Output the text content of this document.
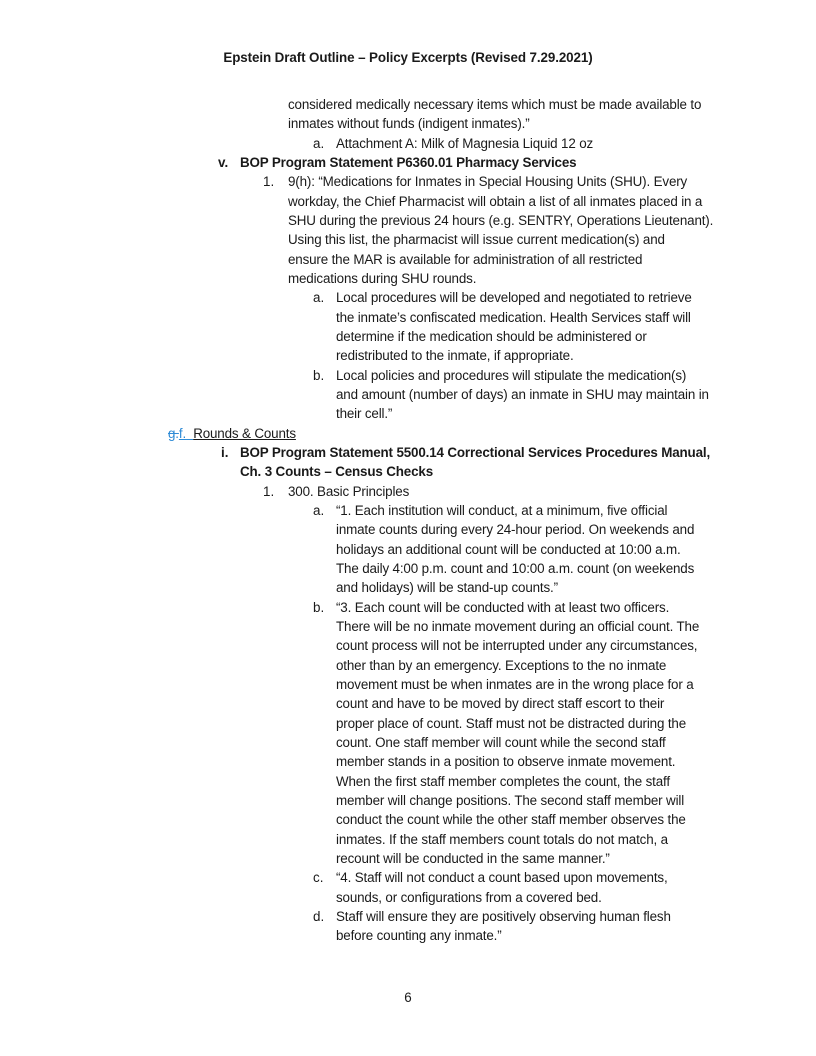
Epstein Draft Outline – Policy Excerpts (Revised 7.29.2021)
considered medically necessary items which must be made available to
inmates without funds (indigent inmates).”
a. Attachment A: Milk of Magnesia Liquid 12 oz
v. BOP Program Statement P6360.01 Pharmacy Services
1. 9(h): “Medications for Inmates in Special Housing Units (SHU). Every
workday, the Chief Pharmacist will obtain a list of all inmates placed in a
SHU during the previous 24 hours (e.g. SENTRY, Operations Lieutenant).
Using this list, the pharmacist will issue current medication(s) and
ensure the MAR is available for administration of all restricted
medications during SHU rounds.
a. Local procedures will be developed and negotiated to retrieve
the inmate’s confiscated medication. Health Services staff will
determine if the medication should be administered or
redistributed to the inmate, if appropriate.
b. Local policies and procedures will stipulate the medication(s)
and amount (number of days) an inmate in SHU may maintain in
their cell.”
g.f. Rounds & Counts
i. BOP Program Statement 5500.14 Correctional Services Procedures Manual,
Ch. 3 Counts – Census Checks
1. 300. Basic Principles
a. “1. Each institution will conduct, at a minimum, five official
inmate counts during every 24-hour period. On weekends and
holidays an additional count will be conducted at 10:00 a.m.
The daily 4:00 p.m. count and 10:00 a.m. count (on weekends
and holidays) will be stand-up counts.”
b. “3. Each count will be conducted with at least two officers.
There will be no inmate movement during an official count. The
count process will not be interrupted under any circumstances,
other than by an emergency. Exceptions to the no inmate
movement must be when inmates are in the wrong place for a
count and have to be moved by direct staff escort to their
proper place of count. Staff must not be distracted during the
count. One staff member will count while the second staff
member stands in a position to observe inmate movement.
When the first staff member completes the count, the staff
member will change positions. The second staff member will
conduct the count while the other staff member observes the
inmates. If the staff members count totals do not match, a
recount will be conducted in the same manner.”
c. “4. Staff will not conduct a count based upon movements,
sounds, or configurations from a covered bed.
d. Staff will ensure they are positively observing human flesh
before counting any inmate.”
6
